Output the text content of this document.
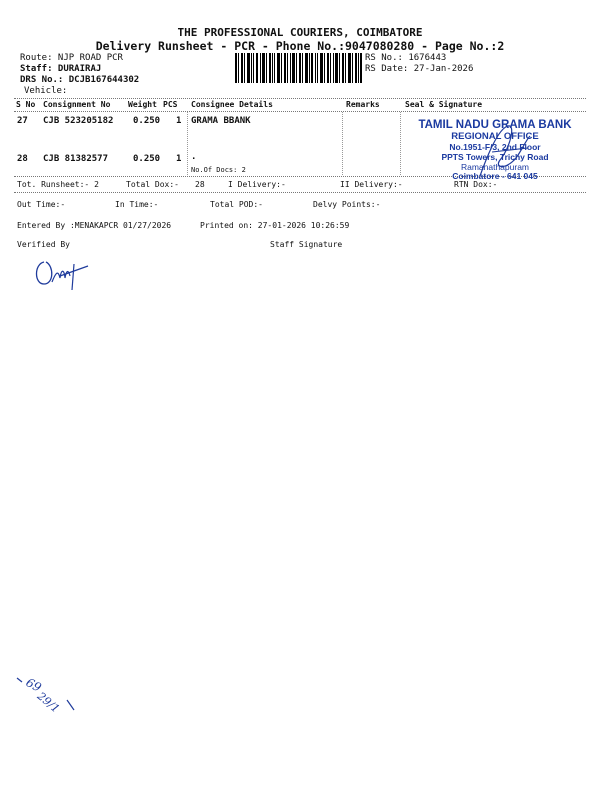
THE PROFESSIONAL COURIERS, COIMBATORE
Delivery Runsheet - PCR - Phone No.:9047080280 - Page No.:2
Route: NJP ROAD PCR
Staff: DURAIRAJ
DRS No.: DCJB167644302
Vehicle:
RS No.: 1676443
RS Date: 27-Jan-2026
S No Consignment No Weight PCS Consignee Details	Remarks	Seal & Signature
27 CJB 523205182 0.250 1 GRAMA BBANK
28 CJB 81382577	0.250 1 .
No.Of Docs: 2
TAMIL NADU GRAMA BANK
REGIONAL OFFICE
No.1951-F/3, 2nd Floor
PPTS Towers, Trichy Road
Ramanathapuram
Coimbatore - 641 045
Tot. Runsheet:- 2	Total Dox:- 28	I Delivery:-	II Delivery:-	RTN Dox:-
Out Time:-	In Time:-	Total POD:-	Delvy Points:-
Entered By :MENAKAPCR 01/27/2026	Printed on: 27-01-2026 10:26:59
Verified By	Staff Signature
69
29/1
